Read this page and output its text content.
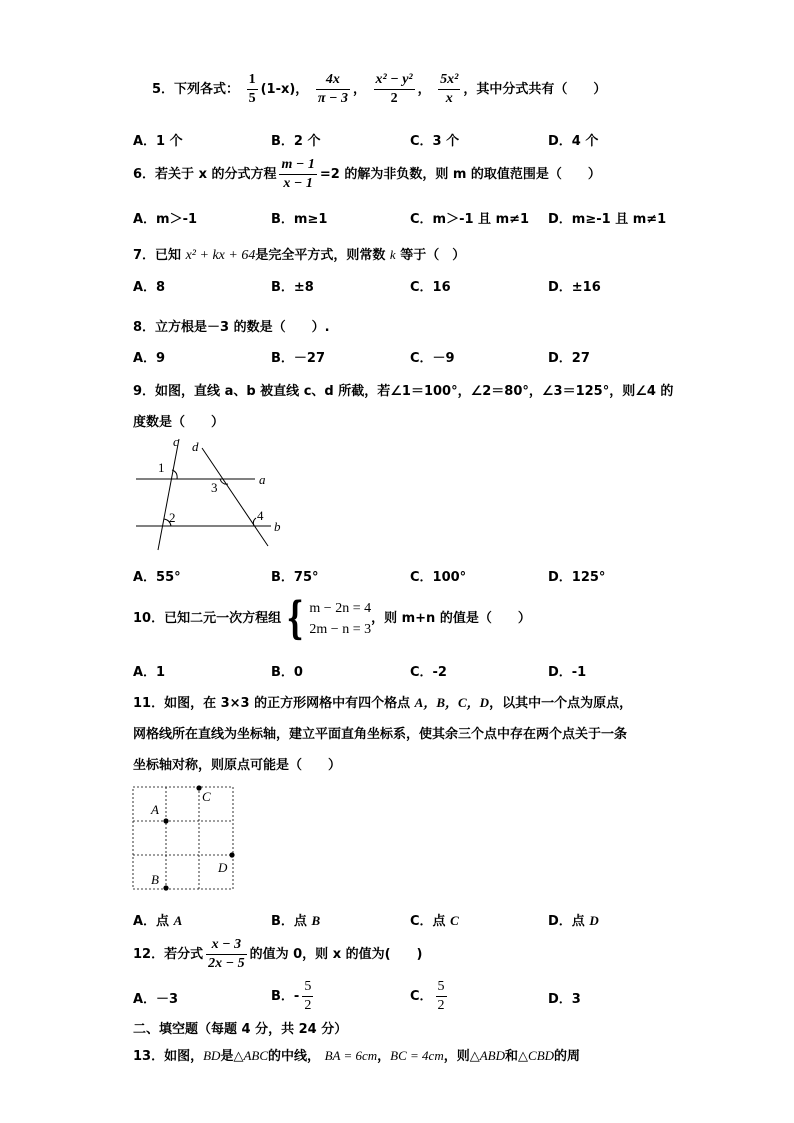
5．下列各式： $\frac{1}{5} (1-x)$， $\frac{4x}{\pi - 3}$ ， $\frac{\text{x² − y²}}{2}$ ， $\frac{\text{5x²}}{x}$ ，其中分式共有（　　）
A．1 个	B．2 个	C．3 个	D．4 个
6．若关于 x 的分式方程 $\frac{m - 1}{x - 1} =2$ 的解为非负数，则 m 的取值范围是（　　）
A．m＞-1	B．m≥1	C．m＞-1 且 m≠1 D．m≥-1 且 m≠1
7．已知 x² + kx + 64是完全平方式，则常数 k 等于（　）
A．8	B．±8	C．16	D．±16
8．立方根是－3 的数是（　　）.
A．9	B．－27	C．－9	D．27
9．如图，直线 a、b 被直线 c、d 所截，若∠1＝100°，∠2＝80°，∠3＝125°，则∠4 的
度数是（　　）
c d
a
b
1
2
3
4
A．55°	B．75°	C．100°	D．125°
10．已知二元一次方程组 { m − 2n = 4
2m − n = 3
，则 m+n 的值是（　　）
A．1	B．0	C．-2	D．-1
11．如图，在 3×3 的正方形网格中有四个格点 A，B，C，D，以其中一个点为原点，
网格线所在直线为坐标轴，建立平面直角坐标系，使其余三个点中存在两个点关于一条
坐标轴对称，则原点可能是（　　）
C
A
D
B
A．点 A	B．点 B	C．点 C	D．点 D
12．若分式 $\frac{x - 3}{2x - 5}$ 的值为 0，则 x 的值为(　　)
A．－3	B．- $\frac{5}{2}$	C． $\frac{5}{2}$	D．3
二、填空题（每题 4 分，共 24 分）
13．如图，BD是△ABC的中线， BA = 6cm，BC = 4cm，则△ABD和△CBD的周
